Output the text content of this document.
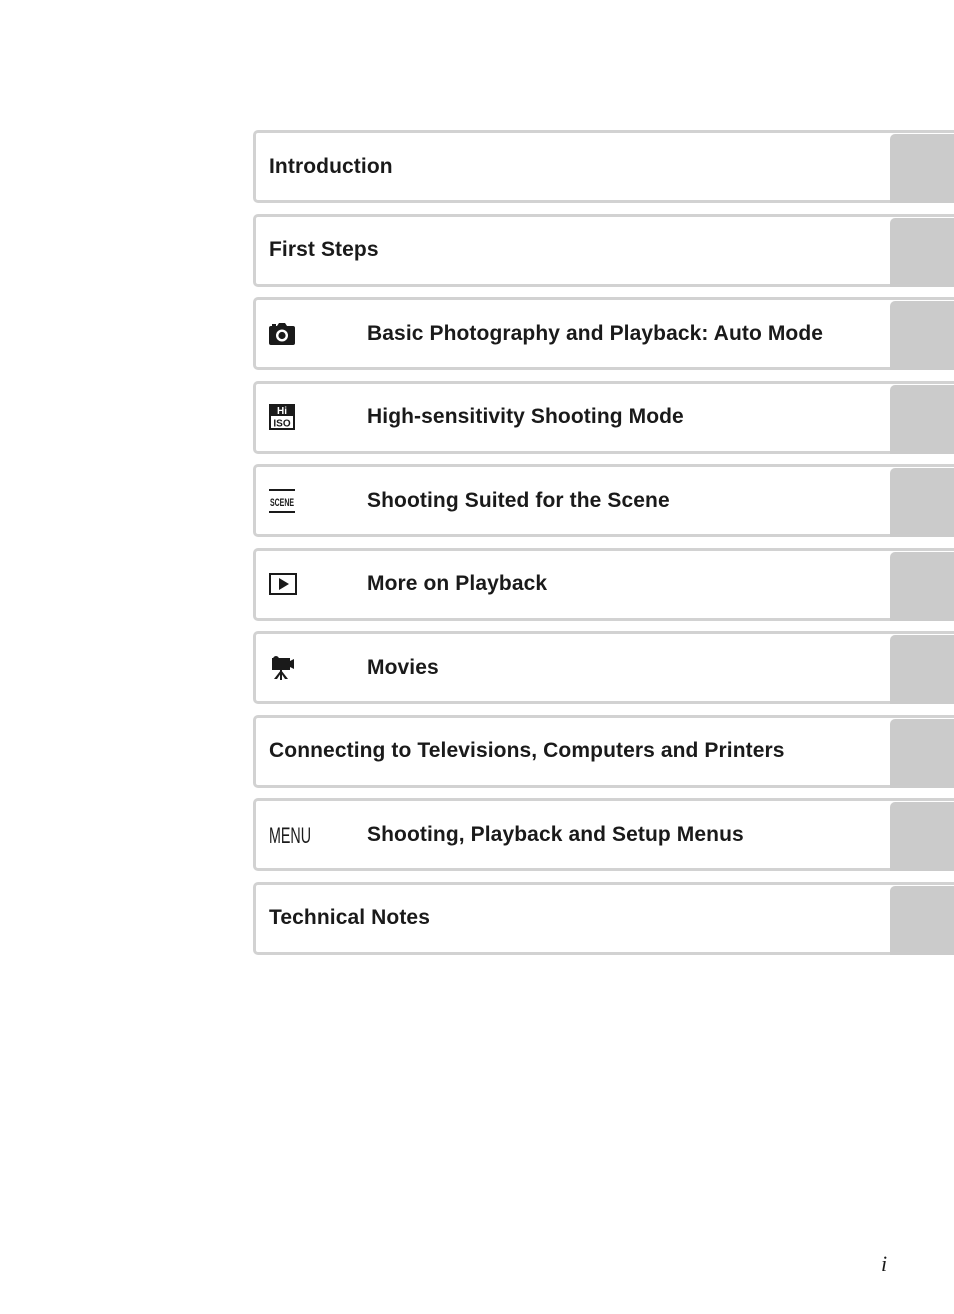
Introduction
First Steps
Basic Photography and Playback: Auto Mode
Hi
ISO	High-sensitivity Shooting Mode
SCENE	Shooting Suited for the Scene
More on Playback
Movies
Connecting to Televisions, Computers and Printers
MENU	Shooting, Playback and Setup Menus
Technical Notes
i
